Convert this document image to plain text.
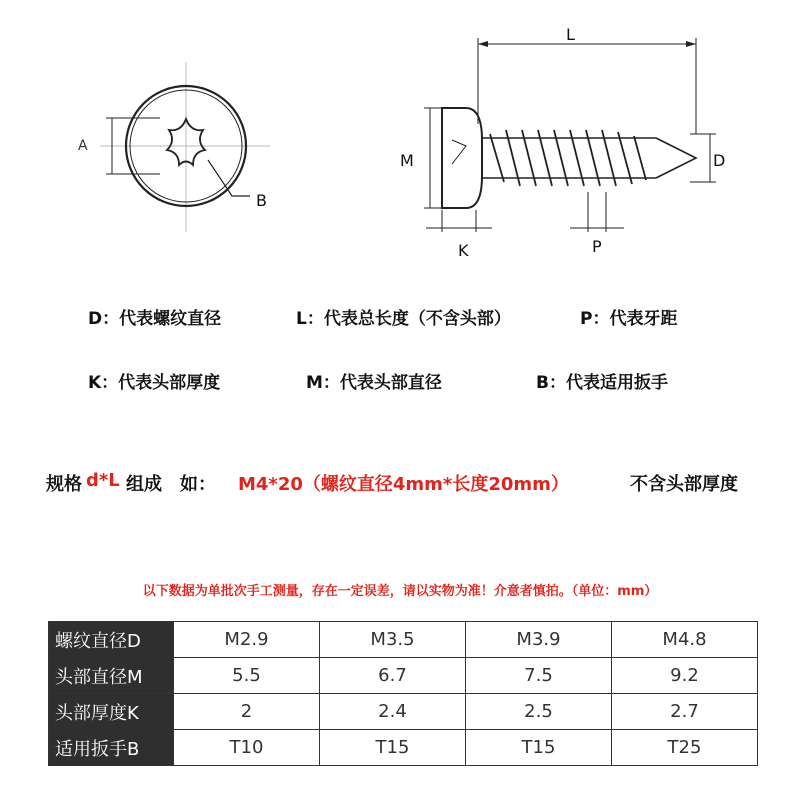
A
B
L
M	D
K	P
D：代表螺纹直径	L：代表总长度（不含头部）	P：代表牙距
K：代表头部厚度	M：代表头部直径	B：代表适用扳手
规格 d*L 组成　如： M4*20（螺纹直径4mm*长度20mm）	不含头部厚度
以下数据为单批次手工测量，存在一定误差，请以实物为准！介意者慎拍。（单位：mm）
螺纹直径D	M2.9	M3.5	M3.9	M4.8
头部直径M	5.5	6.7	7.5	9.2
头部厚度K	2	2.4	2.5	2.7
适用扳手B	T10	T15	T15	T25
